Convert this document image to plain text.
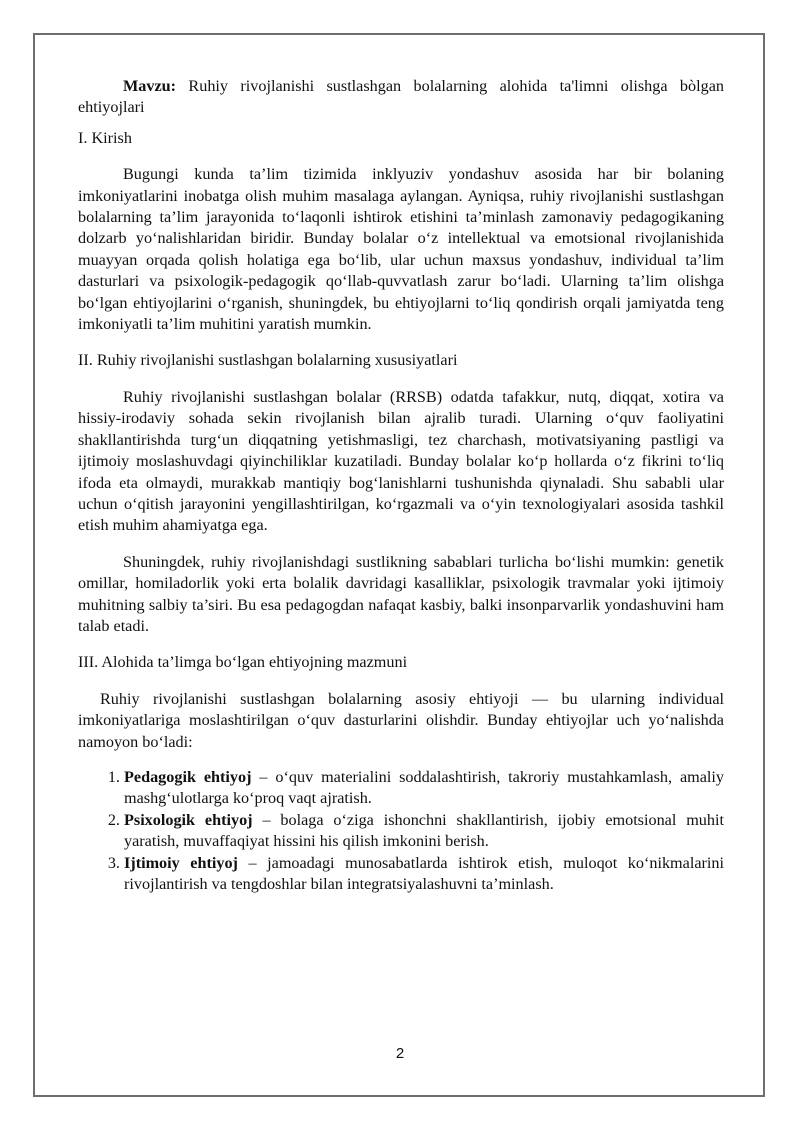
Mavzu: Ruhiy rivojlanishi sustlashgan bolalarning alohida ta'limni olishga bòlgan ehtiyojlari

I. Kirish

Bugungi kunda ta’lim tizimida inklyuziv yondashuv asosida har bir bolaning imkoniyatlarini inobatga olish muhim masalaga aylangan. Ayniqsa, ruhiy rivojlanishi sustlashgan bolalarning ta’lim jarayonida to‘laqonli ishtirok etishini ta’minlash zamonaviy pedagogikaning dolzarb yo‘nalishlaridan biridir. Bunday bolalar o‘z intellektual va emotsional rivojlanishida muayyan orqada qolish holatiga ega bo‘lib, ular uchun maxsus yondashuv, individual ta’lim dasturlari va psixologik-pedagogik qo‘llab-quvvatlash zarur bo‘ladi. Ularning ta’lim olishga bo‘lgan ehtiyojlarini o‘rganish, shuningdek, bu ehtiyojlarni to‘liq qondirish orqali jamiyatda teng imkoniyatli ta’lim muhitini yaratish mumkin.

II. Ruhiy rivojlanishi sustlashgan bolalarning xususiyatlari

Ruhiy rivojlanishi sustlashgan bolalar (RRSB) odatda tafakkur, nutq, diqqat, xotira va hissiy-irodaviy sohada sekin rivojlanish bilan ajralib turadi. Ularning o‘quv faoliyatini shakllantirishda turg‘un diqqatning yetishmasligi, tez charchash, motivatsiyaning pastligi va ijtimoiy moslashuvdagi qiyinchiliklar kuzatiladi. Bunday bolalar ko‘p hollarda o‘z fikrini to‘liq ifoda eta olmaydi, murakkab mantiqiy bog‘lanishlarni tushunishda qiynaladi. Shu sababli ular uchun o‘qitish jarayonini yengillashtirilgan, ko‘rgazmali va o‘yin texnologiyalari asosida tashkil etish muhim ahamiyatga ega.

Shuningdek, ruhiy rivojlanishdagi sustlikning sabablari turlicha bo‘lishi mumkin: genetik omillar, homiladorlik yoki erta bolalik davridagi kasalliklar, psixologik travmalar yoki ijtimoiy muhitning salbiy ta’siri. Bu esa pedagogdan nafaqat kasbiy, balki insonparvarlik yondashuvini ham talab etadi.

III. Alohida ta’limga bo‘lgan ehtiyojning mazmuni

Ruhiy rivojlanishi sustlashgan bolalarning asosiy ehtiyoji — bu ularning individual imkoniyatlariga moslashtirilgan o‘quv dasturlarini olishdir. Bunday ehtiyojlar uch yo‘nalishda namoyon bo‘ladi:

1. Pedagogik ehtiyoj – o‘quv materialini soddalashtirish, takroriy mustahkamlash, amaliy mashg‘ulotlarga ko‘proq vaqt ajratish.
2. Psixologik ehtiyoj – bolaga o‘ziga ishonchni shakllantirish, ijobiy emotsional muhit yaratish, muvaffaqiyat hissini his qilish imkonini berish.
3. Ijtimoiy ehtiyoj – jamoadagi munosabatlarda ishtirok etish, muloqot ko‘nikmalarini rivojlantirish va tengdoshlar bilan integratsiyalashuvni ta’minlash.
2
